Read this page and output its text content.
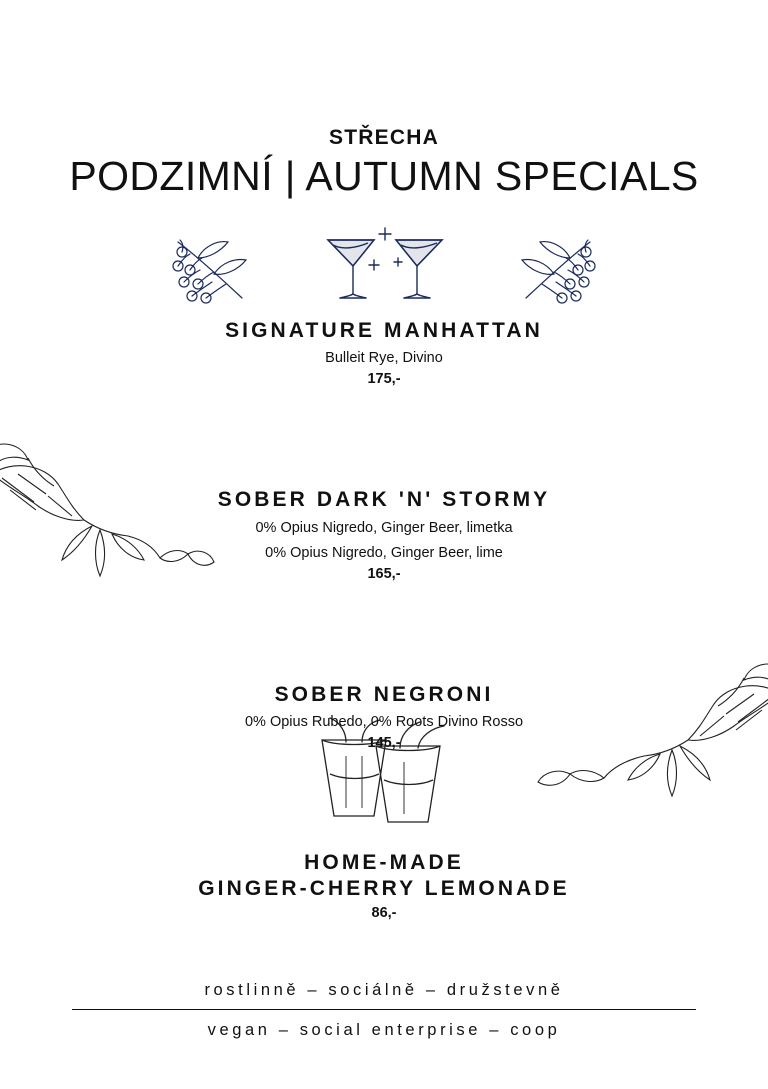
STŘECHA
PODZIMNÍ | AUTUMN SPECIALS
SIGNATURE MANHATTAN
Bulleit Rye, Divino
175,-
SOBER DARK 'N' STORMY
0% Opius Nigredo, Ginger Beer, limetka
0% Opius Nigredo, Ginger Beer, lime
165,-
SOBER NEGRONI
0% Opius Rubedo, 0% Roots Divino Rosso
145,-
HOME-MADE
GINGER-CHERRY LEMONADE
86,-
rostlinně – sociálně – družstevně
vegan – social enterprise – coop
